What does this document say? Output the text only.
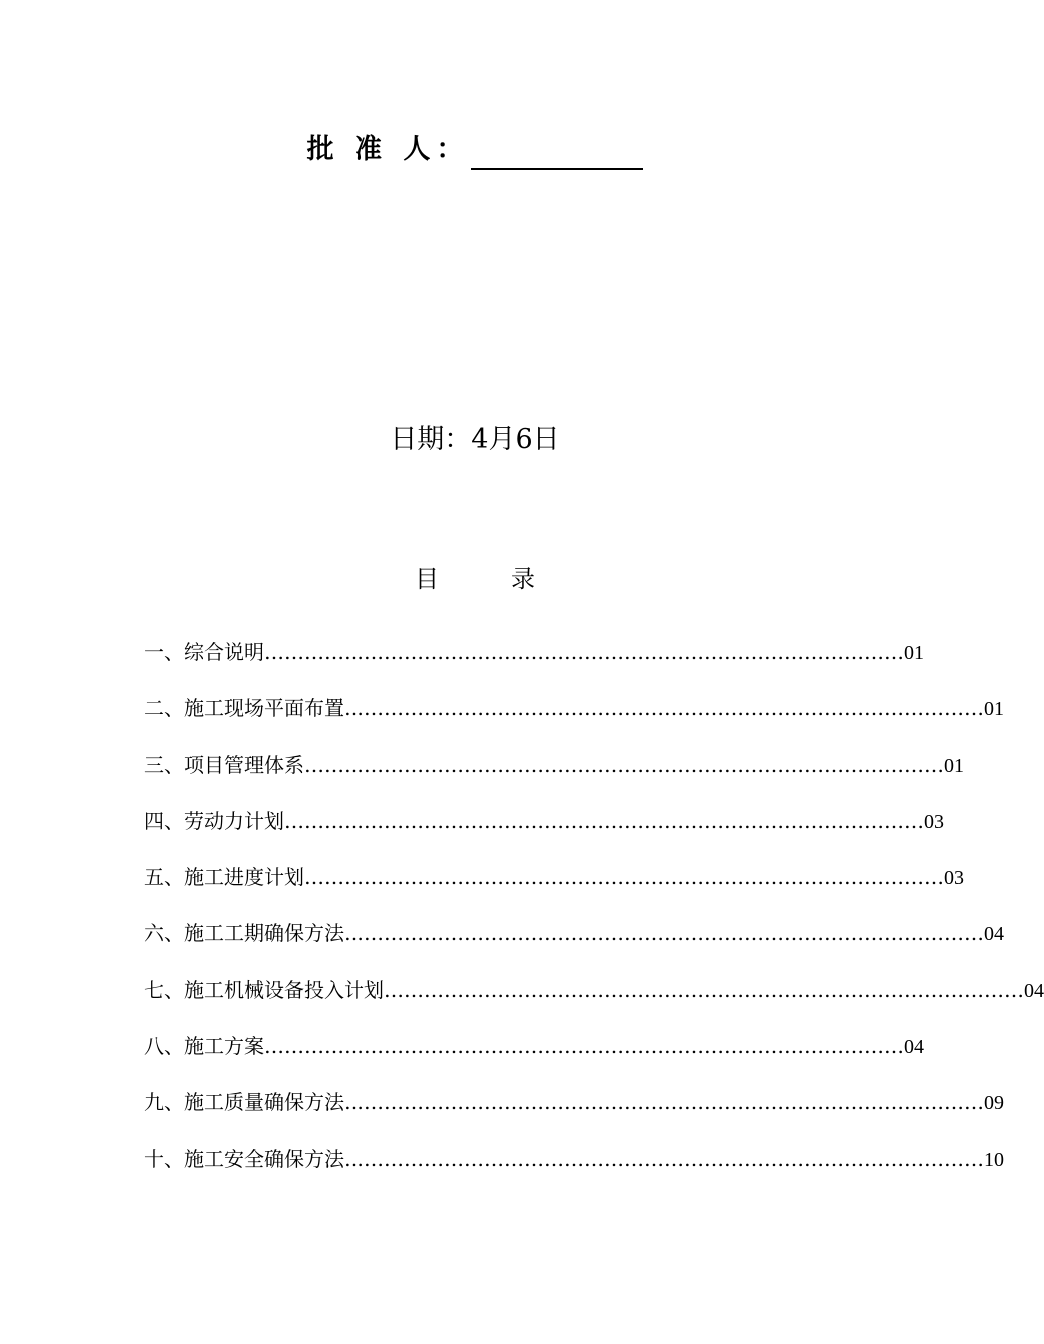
批 准 人：
日期：4月6日
目	录
一、综合说明 …………………………………………………………………………………… 01
二、施工现场平面布置 …………………………………………………………………………………… 01
三、项目管理体系 …………………………………………………………………………………… 01
四、劳动力计划 …………………………………………………………………………………… 03
五、施工进度计划 …………………………………………………………………………………… 03
六、施工工期确保方法 …………………………………………………………………………………… 04
七、施工机械设备投入计划 …………………………………………………………………………………… 04
八、施工方案 …………………………………………………………………………………… 04
九、施工质量确保方法 …………………………………………………………………………………… 09
十、施工安全确保方法 …………………………………………………………………………………… 10
